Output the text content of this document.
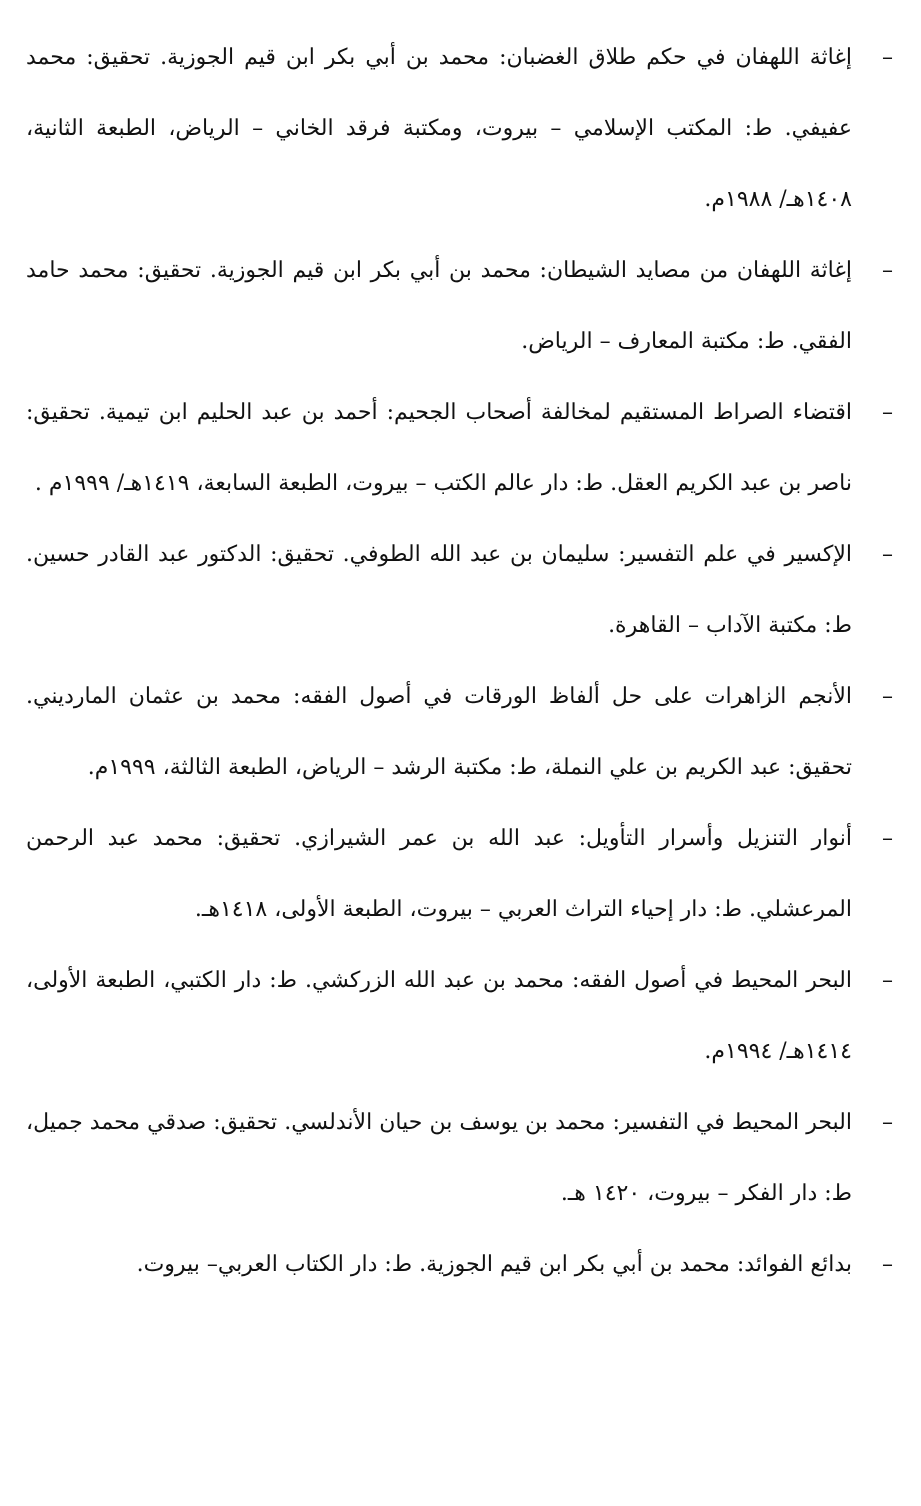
–
إغاثة اللهفان في حكم طلاق الغضبان: محمد بن أبي بكر ابن قيم الجوزية. تحقيق: محمد عفيفي. ط: المكتب الإسلامي – بيروت، ومكتبة فرقد الخاني – الرياض، الطبعة الثانية، ١٤٠٨هـ/ ١٩٨٨م.
–
إغاثة اللهفان من مصايد الشيطان: محمد بن أبي بكر ابن قيم الجوزية. تحقيق: محمد حامد الفقي. ط: مكتبة المعارف – الرياض.
–
اقتضاء الصراط المستقيم لمخالفة أصحاب الجحيم: أحمد بن عبد الحليم ابن تيمية. تحقيق: ناصر بن عبد الكريم العقل. ط: دار عالم الكتب – بيروت، الطبعة السابعة، ١٤١٩هـ/ ١٩٩٩م .
–
الإكسير في علم التفسير: سليمان بن عبد الله الطوفي. تحقيق: الدكتور عبد القادر حسين. ط: مكتبة الآداب – القاهرة.
–
الأنجم الزاهرات على حل ألفاظ الورقات في أصول الفقه: محمد بن عثمان المارديني. تحقيق: عبد الكريم بن علي النملة، ط: مكتبة الرشد – الرياض، الطبعة الثالثة، ١٩٩٩م.
–
أنوار التنزيل وأسرار التأويل: عبد الله بن عمر الشيرازي. تحقيق: محمد عبد الرحمن المرعشلي. ط: دار إحياء التراث العربي – بيروت، الطبعة الأولى، ١٤١٨هـ.
–
البحر المحيط في أصول الفقه: محمد بن عبد الله الزركشي. ط: دار الكتبي، الطبعة الأولى، ١٤١٤هـ/ ١٩٩٤م.
–
البحر المحيط في التفسير: محمد بن يوسف بن حيان الأندلسي. تحقيق: صدقي محمد جميل، ط: دار الفكر – بيروت، ١٤٢٠ هـ.
–
بدائع الفوائد: محمد بن أبي بكر ابن قيم الجوزية. ط: دار الكتاب العربي– بيروت.
